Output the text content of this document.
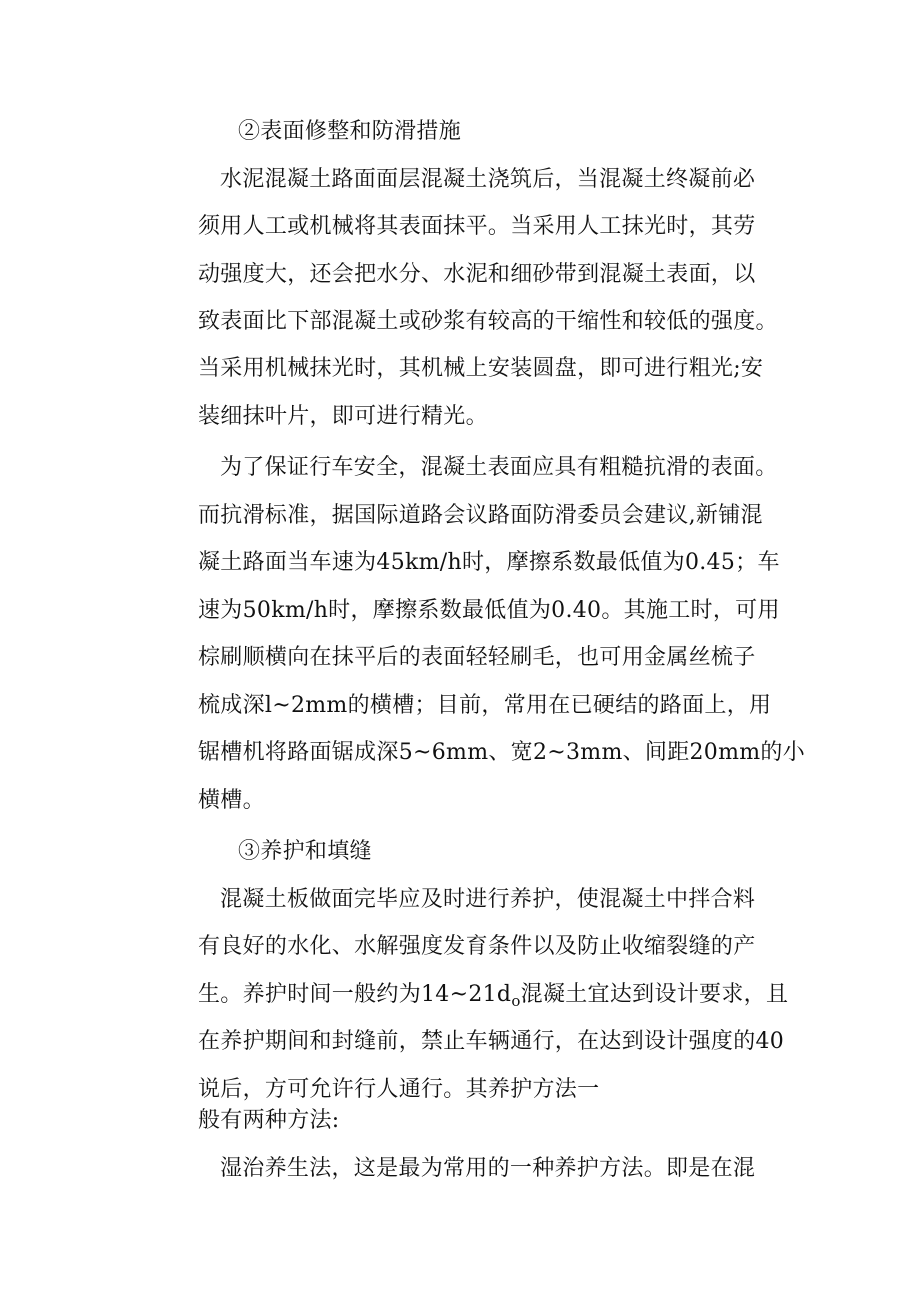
②表面修整和防滑措施
水泥混凝土路面面层混凝土浇筑后，当混凝土终凝前必
须用人工或机械将其表面抹平。当采用人工抹光时，其劳
动强度大，还会把水分、水泥和细砂带到混凝土表面，以
致表面比下部混凝土或砂浆有较高的干缩性和较低的强度。
当采用机械抹光时，其机械上安装圆盘，即可进行粗光;安
装细抹叶片，即可进行精光。
为了保证行车安全，混凝土表面应具有粗糙抗滑的表面。
而抗滑标准，据国际道路会议路面防滑委员会建议,新铺混
凝土路面当车速为45km/h时，摩擦系数最低值为0.45；车
速为50km/h时，摩擦系数最低值为0.40。其施工时，可用
棕刷顺横向在抹平后的表面轻轻刷毛，也可用金属丝梳子
梳成深l~2mm的横槽；目前，常用在已硬结的路面上，用
锯槽机将路面锯成深5~6mm、宽2~3mm、间距20mm的小
横槽。
③养护和填缝
混凝土板做面完毕应及时进行养护，使混凝土中拌合料
有良好的水化、水解强度发育条件以及防止收缩裂缝的产
生。养护时间一般约为$14\sim 21d_o$混凝土宜达到设计要求，且
在养护期间和封缝前，禁止车辆通行，在达到设计强度的40
说后，方可允许行人通行。其养护方法一
般有两种方法:
湿治养生法，这是最为常用的一种养护方法。即是在混
